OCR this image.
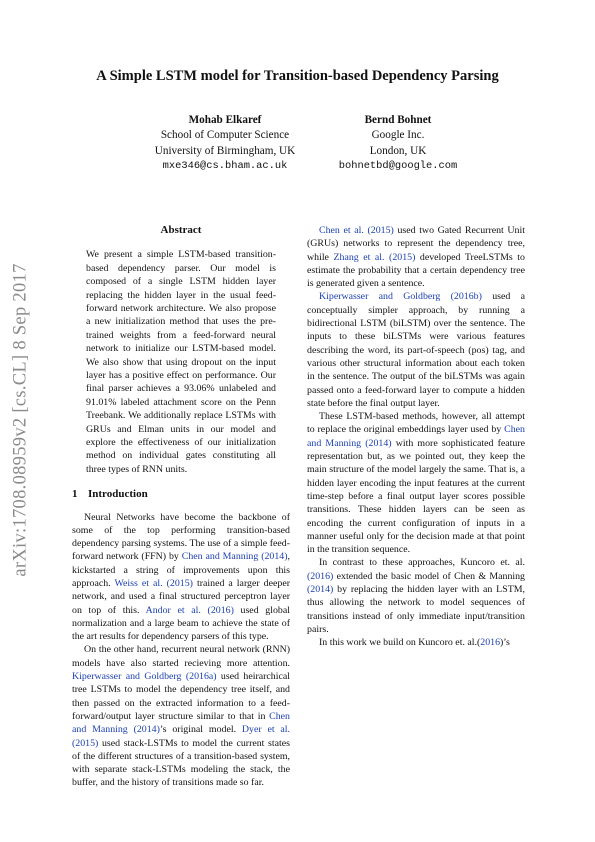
arXiv:1708.08959v2 [cs.CL] 8 Sep 2017
A Simple LSTM model for Transition-based Dependency Parsing
Mohab Elkaref
School of Computer Science
University of Birmingham, UK
mxe346@cs.bham.ac.uk
Bernd Bohnet
Google Inc.
London, UK
bohnetbd@google.com
Abstract

We present a simple LSTM-based transition-based dependency parser. Our model is composed of a single LSTM hidden layer replacing the hidden layer in the usual feed-forward network architecture. We also propose a new initialization method that uses the pre-trained weights from a feed-forward neural network to initialize our LSTM-based model. We also show that using dropout on the input layer has a positive effect on performance. Our final parser achieves a 93.06% unlabeled and 91.01% labeled attachment score on the Penn Treebank. We additionally replace LSTMs with GRUs and Elman units in our model and explore the effectiveness of our initialization method on individual gates constituting all three types of RNN units.

1 Introduction

Neural Networks have become the backbone of some of the top performing transition-based dependency parsing systems. The use of a simple feed-forward network (FFN) by Chen and Manning (2014), kickstarted a string of improvements upon this approach. Weiss et al. (2015) trained a larger deeper network, and used a final structured perceptron layer on top of this. Andor et al. (2016) used global normalization and a large beam to achieve the state of the art results for dependency parsers of this type.

On the other hand, recurrent neural network (RNN) models have also started recieving more attention. Kiperwasser and Goldberg (2016a) used heirarchical tree LSTMs to model the dependency tree itself, and then passed on the extracted information to a feed-forward/output layer structure similar to that in Chen and Manning (2014)’s original model. Dyer et al. (2015) used stack-LSTMs to model the current states of the different structures of a transition-based system, with separate stack-LSTMs modeling the stack, the buffer, and the history of transitions made so far.

Chen et al. (2015) used two Gated Recurrent Unit (GRUs) networks to represent the dependency tree, while Zhang et al. (2015) developed TreeLSTMs to estimate the probability that a certain dependency tree is generated given a sentence.

Kiperwasser and Goldberg (2016b) used a conceptually simpler approach, by running a bidirectional LSTM (biLSTM) over the sentence. The inputs to these biLSTMs were various features describing the word, its part-of-speech (pos) tag, and various other structural information about each token in the sentence. The output of the biLSTMs was again passed onto a feed-forward layer to compute a hidden state before the final output layer.

These LSTM-based methods, however, all attempt to replace the original embeddings layer used by Chen and Manning (2014) with more sophisticated feature representation but, as we pointed out, they keep the main structure of the model largely the same. That is, a hidden layer encoding the input features at the current time-step before a final output layer scores possible transitions. These hidden layers can be seen as encoding the current configuration of inputs in a manner useful only for the decision made at that point in the transition sequence.

In contrast to these approaches, Kuncoro et. al. (2016) extended the basic model of Chen & Manning (2014) by replacing the hidden layer with an LSTM, thus allowing the network to model sequences of transitions instead of only immediate input/transition pairs.

In this work we build on Kuncoro et. al.(2016)’s
